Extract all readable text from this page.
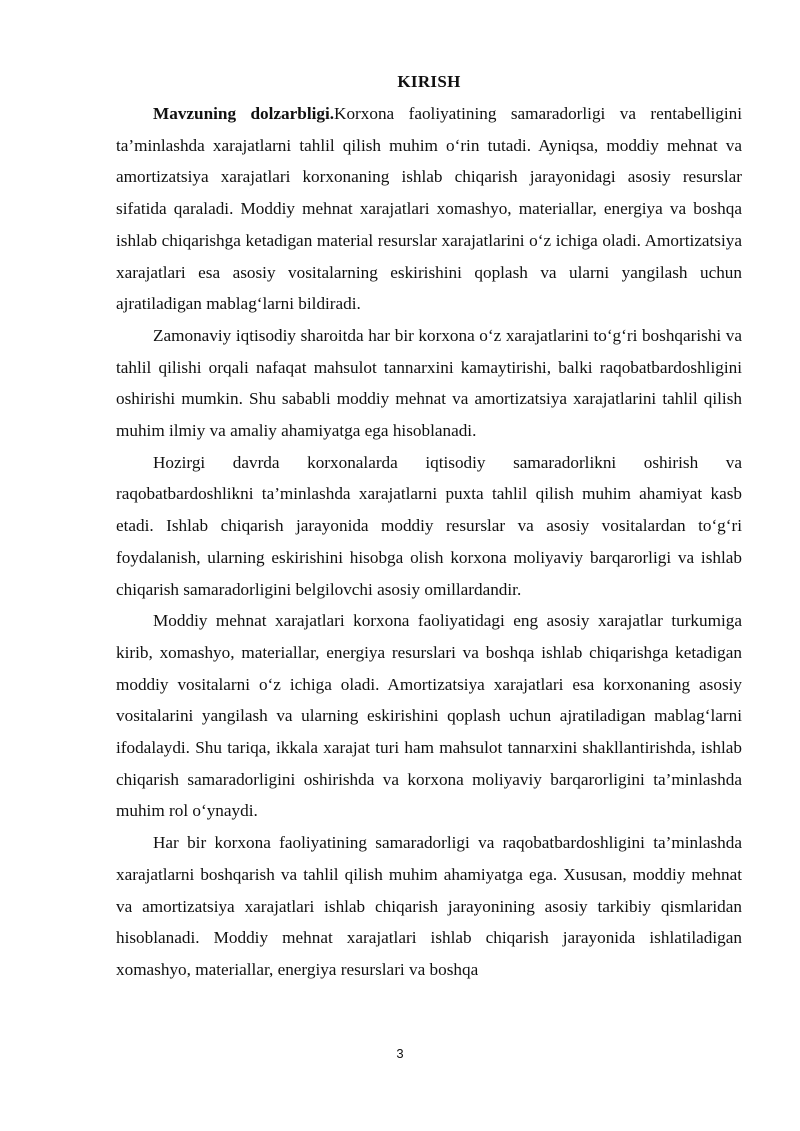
KIRISH

Mavzuning dolzarbligi.Korxona faoliyatining samaradorligi va rentabelligini ta’minlashda xarajatlarni tahlil qilish muhim o‘rin tutadi. Ayniqsa, moddiy mehnat va amortizatsiya xarajatlari korxonaning ishlab chiqarish jarayonidagi asosiy resurslar sifatida qaraladi. Moddiy mehnat xarajatlari xomashyo, materiallar, energiya va boshqa ishlab chiqarishga ketadigan material resurslar xarajatlarini o‘z ichiga oladi. Amortizatsiya xarajatlari esa asosiy vositalarning eskirishini qoplash va ularni yangilash uchun ajratiladigan mablag‘larni bildiradi.

Zamonaviy iqtisodiy sharoitda har bir korxona o‘z xarajatlarini to‘g‘ri boshqarishi va tahlil qilishi orqali nafaqat mahsulot tannarxini kamaytirishi, balki raqobatbardoshligini oshirishi mumkin. Shu sababli moddiy mehnat va amortizatsiya xarajatlarini tahlil qilish muhim ilmiy va amaliy ahamiyatga ega hisoblanadi.

Hozirgi davrda korxonalarda iqtisodiy samaradorlikni oshirish va raqobatbardoshlikni ta’minlashda xarajatlarni puxta tahlil qilish muhim ahamiyat kasb etadi. Ishlab chiqarish jarayonida moddiy resurslar va asosiy vositalardan to‘g‘ri foydalanish, ularning eskirishini hisobga olish korxona moliyaviy barqarorligi va ishlab chiqarish samaradorligini belgilovchi asosiy omillardandir.

Moddiy mehnat xarajatlari korxona faoliyatidagi eng asosiy xarajatlar turkumiga kirib, xomashyo, materiallar, energiya resurslari va boshqa ishlab chiqarishga ketadigan moddiy vositalarni o‘z ichiga oladi. Amortizatsiya xarajatlari esa korxonaning asosiy vositalarini yangilash va ularning eskirishini qoplash uchun ajratiladigan mablag‘larni ifodalaydi. Shu tariqa, ikkala xarajat turi ham mahsulot tannarxini shakllantirishda, ishlab chiqarish samaradorligini oshirishda va korxona moliyaviy barqarorligini ta’minlashda muhim rol o‘ynaydi.

Har bir korxona faoliyatining samaradorligi va raqobatbardoshligini ta’minlashda xarajatlarni boshqarish va tahlil qilish muhim ahamiyatga ega. Xususan, moddiy mehnat va amortizatsiya xarajatlari ishlab chiqarish jarayonining asosiy tarkibiy qismlaridan hisoblanadi. Moddiy mehnat xarajatlari ishlab chiqarish jarayonida ishlatiladigan xomashyo, materiallar, energiya resurslari va boshqa

3
